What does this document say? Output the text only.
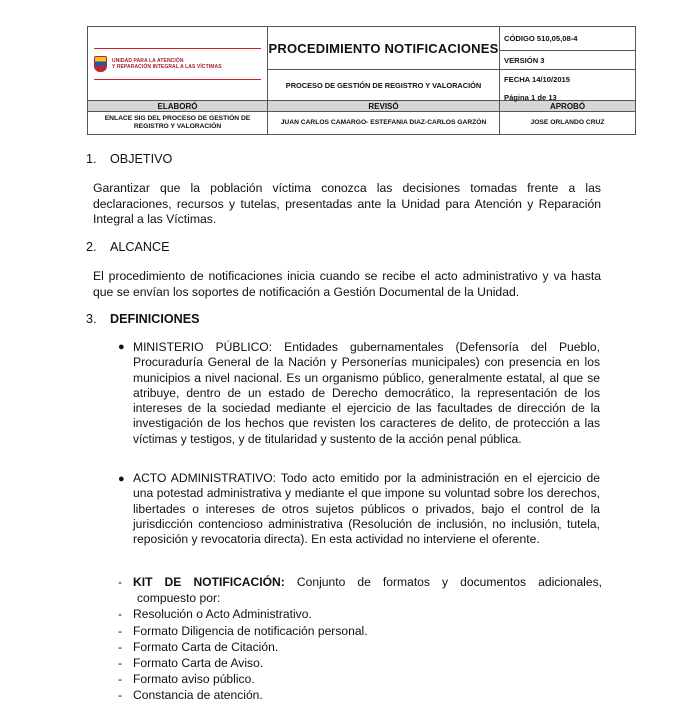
UNIDAD PARA LA ATENCIÓN
Y REPARACIÓN INTEGRAL A LAS VÍCTIMAS	PROCEDIMIENTO NOTIFICACIONES	CÓDIGO 510,05,08-4
		VERSIÓN 3
	PROCESO DE GESTIÓN DE REGISTRO Y VALORACIÓN	FECHA 14/10/2015
Página 1 de 13
ELABORÓ	REVISÓ	APROBÓ
ENLACE SIG DEL PROCESO DE GESTIÓN DE REGISTRO Y VALORACIÓN	JUAN CARLOS CAMARGO- ESTEFANIA DIAZ-CARLOS GARZÓN	JOSE ORLANDO CRUZ
1. OBJETIVO
Garantizar que la población víctima conozca las decisiones tomadas frente a las declaraciones, recursos y tutelas, presentadas ante la Unidad para Atención y Reparación Integral a las Víctimas.
2. ALCANCE
El procedimiento de notificaciones inicia cuando se recibe el acto administrativo y va hasta que se envían los soportes de notificación a Gestión Documental de la Unidad.
3. DEFINICIONES
● MINISTERIO PÚBLICO: Entidades gubernamentales (Defensoría del Pueblo, Procuraduría General de la Nación y Personerías municipales) con presencia en los municipios a nivel nacional. Es un organismo público, generalmente estatal, al que se atribuye, dentro de un estado de Derecho democrático, la representación de los intereses de la sociedad mediante el ejercicio de las facultades de dirección de la investigación de los hechos que revisten los caracteres de delito, de protección a las víctimas y testigos, y de titularidad y sustento de la acción penal pública.
● ACTO ADMINISTRATIVO: Todo acto emitido por la administración en el ejercicio de una potestad administrativa y mediante el que impone su voluntad sobre los derechos, libertades o intereses de otros sujetos públicos o privados, bajo el control de la jurisdicción contencioso administrativa (Resolución de inclusión, no inclusión, tutela, reposición y revocatoria directa). En esta actividad no interviene el oferente.
- KIT DE NOTIFICACIÓN: Conjunto de formatos y documentos adicionales,
compuesto por:
- Resolución o Acto Administrativo.
- Formato Diligencia de notificación personal.
- Formato Carta de Citación.
- Formato Carta de Aviso.
- Formato aviso público.
- Constancia de atención.
